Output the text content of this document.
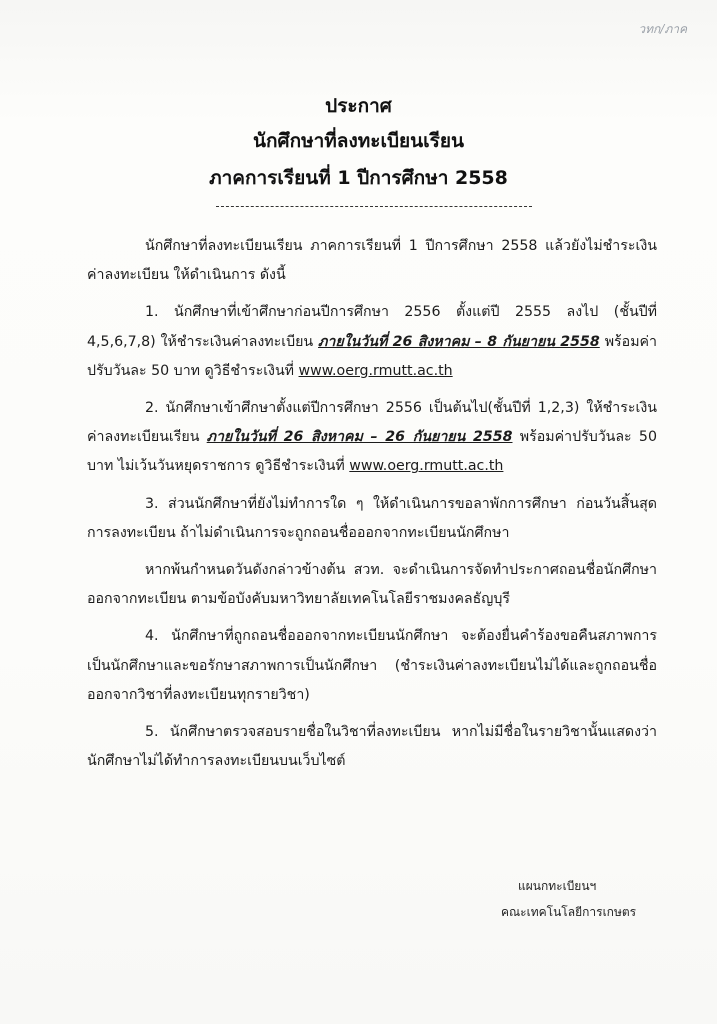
วทก/ภาค
ประกาศ
นักศึกษาที่ลงทะเบียนเรียน
ภาคการเรียนที่ 1 ปีการศึกษา 2558

นักศึกษาที่ลงทะเบียนเรียน ภาคการเรียนที่ 1 ปีการศึกษา 2558 แล้วยังไม่ชำระเงินค่าลงทะเบียน ให้ดำเนินการ ดังนี้

1. นักศึกษาที่เข้าศึกษาก่อนปีการศึกษา 2556 ตั้งแต่ปี 2555 ลงไป (ชั้นปีที่ 4,5,6,7,8) ให้ชำระเงินค่าลงทะเบียน ภายในวันที่ 26 สิงหาคม – 8 กันยายน 2558 พร้อมค่าปรับวันละ 50 บาท ดูวิธีชำระเงินที่ www.oerg.rmutt.ac.th

2. นักศึกษาเข้าศึกษาตั้งแต่ปีการศึกษา 2556 เป็นต้นไป(ชั้นปีที่ 1,2,3) ให้ชำระเงินค่าลงทะเบียนเรียน ภายในวันที่ 26 สิงหาคม – 26 กันยายน 2558 พร้อมค่าปรับวันละ 50 บาท ไม่เว้นวันหยุดราชการ ดูวิธีชำระเงินที่ www.oerg.rmutt.ac.th

3. ส่วนนักศึกษาที่ยังไม่ทำการใด ๆ ให้ดำเนินการขอลาพักการศึกษา ก่อนวันสิ้นสุดการลงทะเบียน ถ้าไม่ดำเนินการจะถูกถอนชื่อออกจากทะเบียนนักศึกษา

หากพ้นกำหนดวันดังกล่าวข้างต้น สวท. จะดำเนินการจัดทำประกาศถอนชื่อนักศึกษาออกจากทะเบียน ตามข้อบังคับมหาวิทยาลัยเทคโนโลยีราชมงคลธัญบุรี

4. นักศึกษาที่ถูกถอนชื่อออกจากทะเบียนนักศึกษา จะต้องยื่นคำร้องขอคืนสภาพการเป็นนักศึกษาและขอรักษาสภาพการเป็นนักศึกษา (ชำระเงินค่าลงทะเบียนไม่ได้และถูกถอนชื่อออกจากวิชาที่ลงทะเบียนทุกรายวิชา)

5. นักศึกษาตรวจสอบรายชื่อในวิชาที่ลงทะเบียน หากไม่มีชื่อในรายวิชานั้นแสดงว่านักศึกษาไม่ได้ทำการลงทะเบียนบนเว็บไซต์

แผนกทะเบียนฯ
คณะเทคโนโลยีการเกษตร
